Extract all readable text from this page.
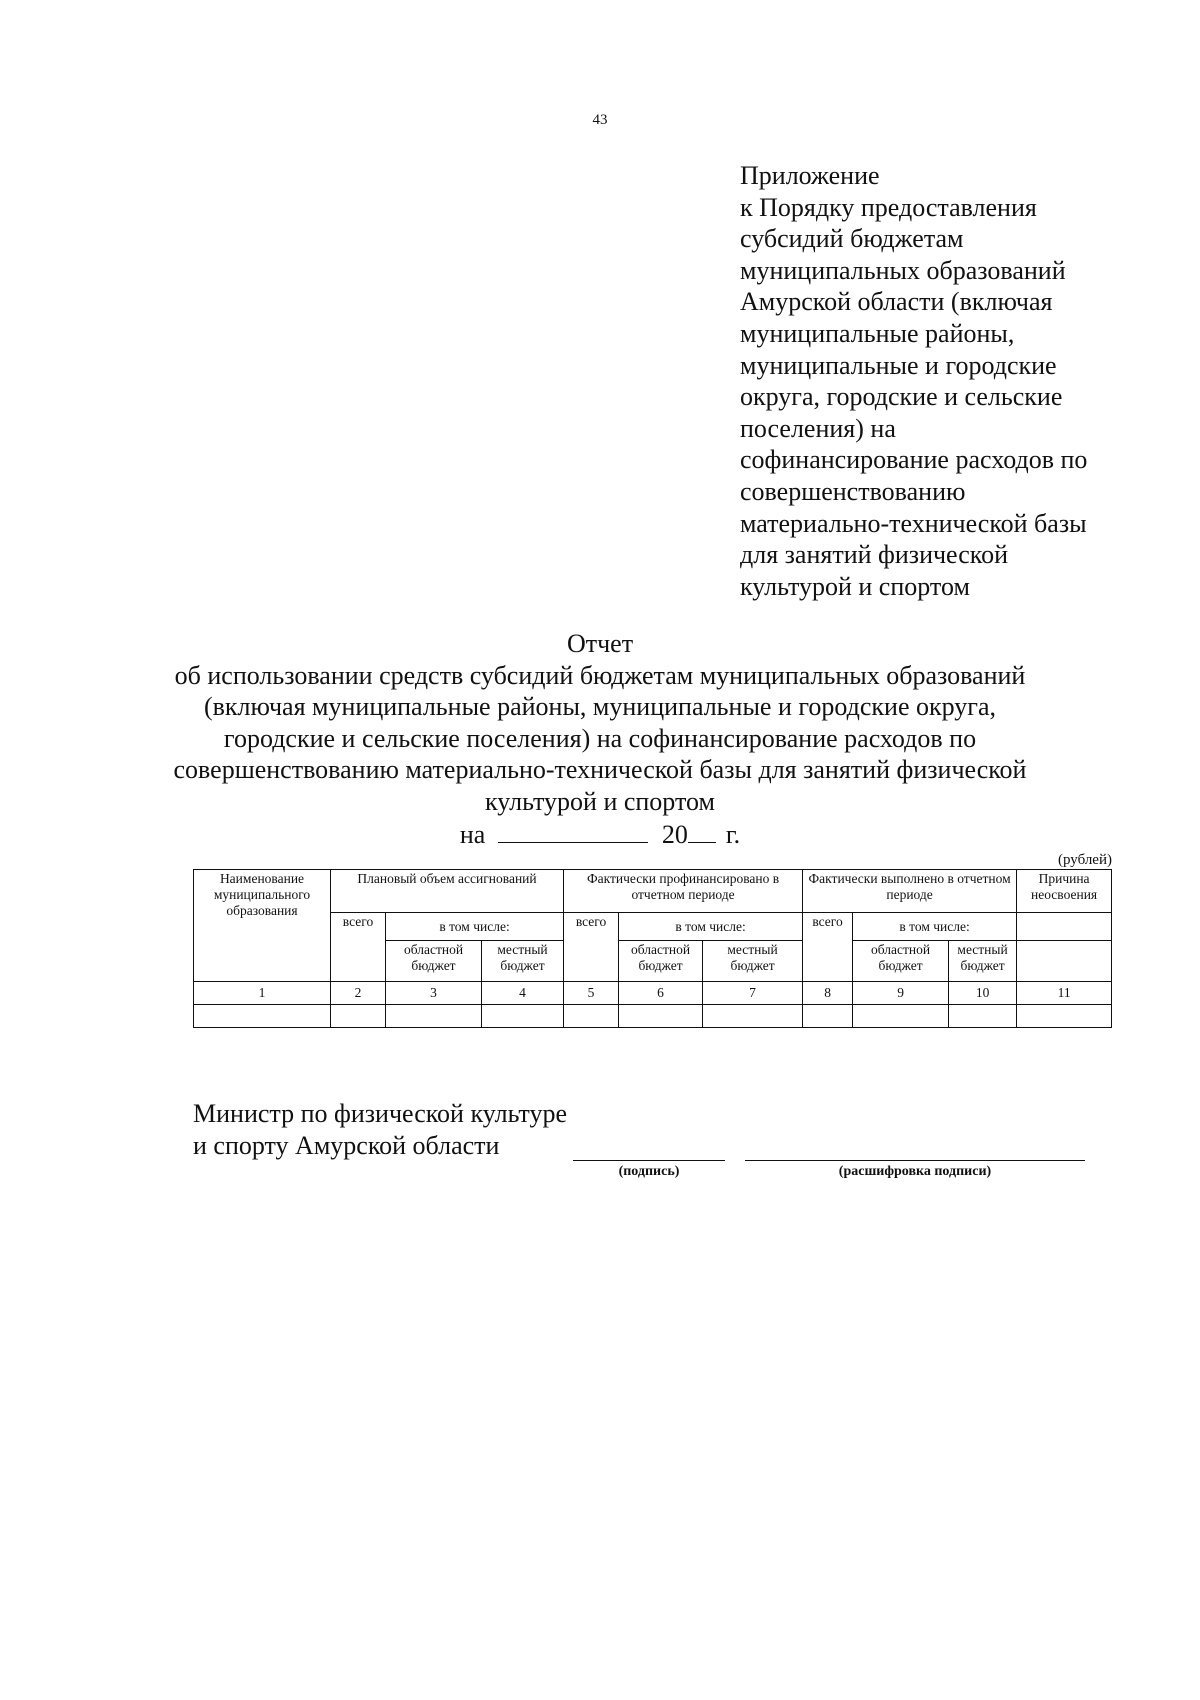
43
Приложение
к Порядку предоставления
субсидий бюджетам
муниципальных образований
Амурской области (включая
муниципальные районы,
муниципальные и городские
округа, городские и сельские
поселения) на
софинансирование расходов по
совершенствованию
материально-технической базы
для занятий физической
культурой и спортом
Отчет
об использовании средств субсидий бюджетам муниципальных образований
(включая муниципальные районы, муниципальные и городские округа,
городские и сельские поселения) на софинансирование расходов по
совершенствованию материально-технической базы для занятий физической
культурой и спортом
на	20 г.
(рублей)
Наименование муниципального образования	Плановый объем ассигнований			Фактически профинансировано в отчетном периоде			Фактически выполнено в отчетном периоде			Причина неосвоения
	всего	в том числе:		всего	в том числе:		всего	в том числе:		
		областной бюджет	местный бюджет		областной бюджет	местный бюджет		областной бюджет	местный бюджет	
1	2	3	4	5	6	7	8	9	10	11

Министр по физической культуре
и спорту Амурской области
(подпись)	(расшифровка подписи)
